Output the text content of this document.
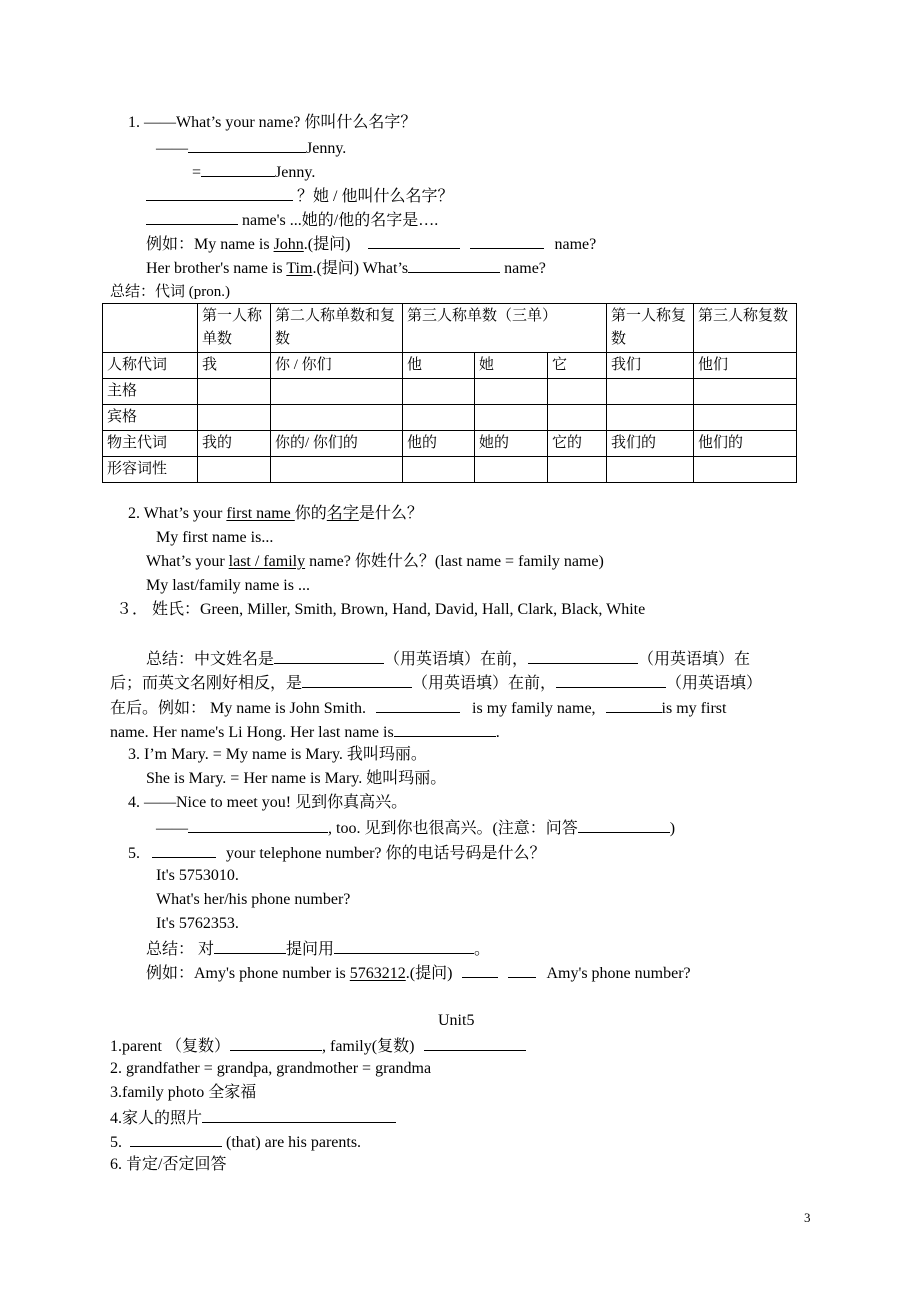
1. ——What’s your name? 你叫什么名字？
——	Jenny.
=	Jenny.
？她 / 他叫什么名字？
name's ...她的/他的名字是….
例如：My name is John.(提问)	name?
Her brother's name is Tim.(提问) What’s	name?
总结：代词 (pron.)
	第一人称单数	第二人称单数和复数	第三人称单数（三单）			第一人称复数	第三人称复数
人称代词	我	你 / 你们	他	她	它	我们	他们
主格							
宾格							
物主代词	我的	你的/ 你们的	他的	她的	它的	我们的	他们的
形容词性							
2. What’s your first name 你的名字是什么？
My first name is...
What’s your last / family name? 你姓什么？(last name = family name)
My last/family name is ...
３． 姓氏：Green, Miller, Smith, Brown, Hand, David, Hall, Clark, Black, White
总结：中文姓名是	（用英语填）在前，	（用英语填）在
后；而英文名刚好相反，是	（用英语填）在前，	（用英语填）
在后。例如： My name is John Smith.	is my family name,	is my first
name. Her name's Li Hong. Her last name is	.
3. I’m Mary. = My name is Mary. 我叫玛丽。
She is Mary. = Her name is Mary. 她叫玛丽。
4. ——Nice to meet you! 见到你真高兴。
——	, too. 见到你也很高兴。(注意：问答	)
5.	your telephone number? 你的电话号码是什么？
It's 5753010.
What's her/his phone number?
It's 5762353.
总结： 对	提问用	。
例如：Amy's phone number is 5763212.(提问)	Amy's phone number?
Unit5
1.parent （复数）	, family(复数)
2. grandfather = grandpa, grandmother = grandma
3.family photo 全家福
4.家人的照片
5.	(that) are his parents.
6. 肯定/否定回答
3
